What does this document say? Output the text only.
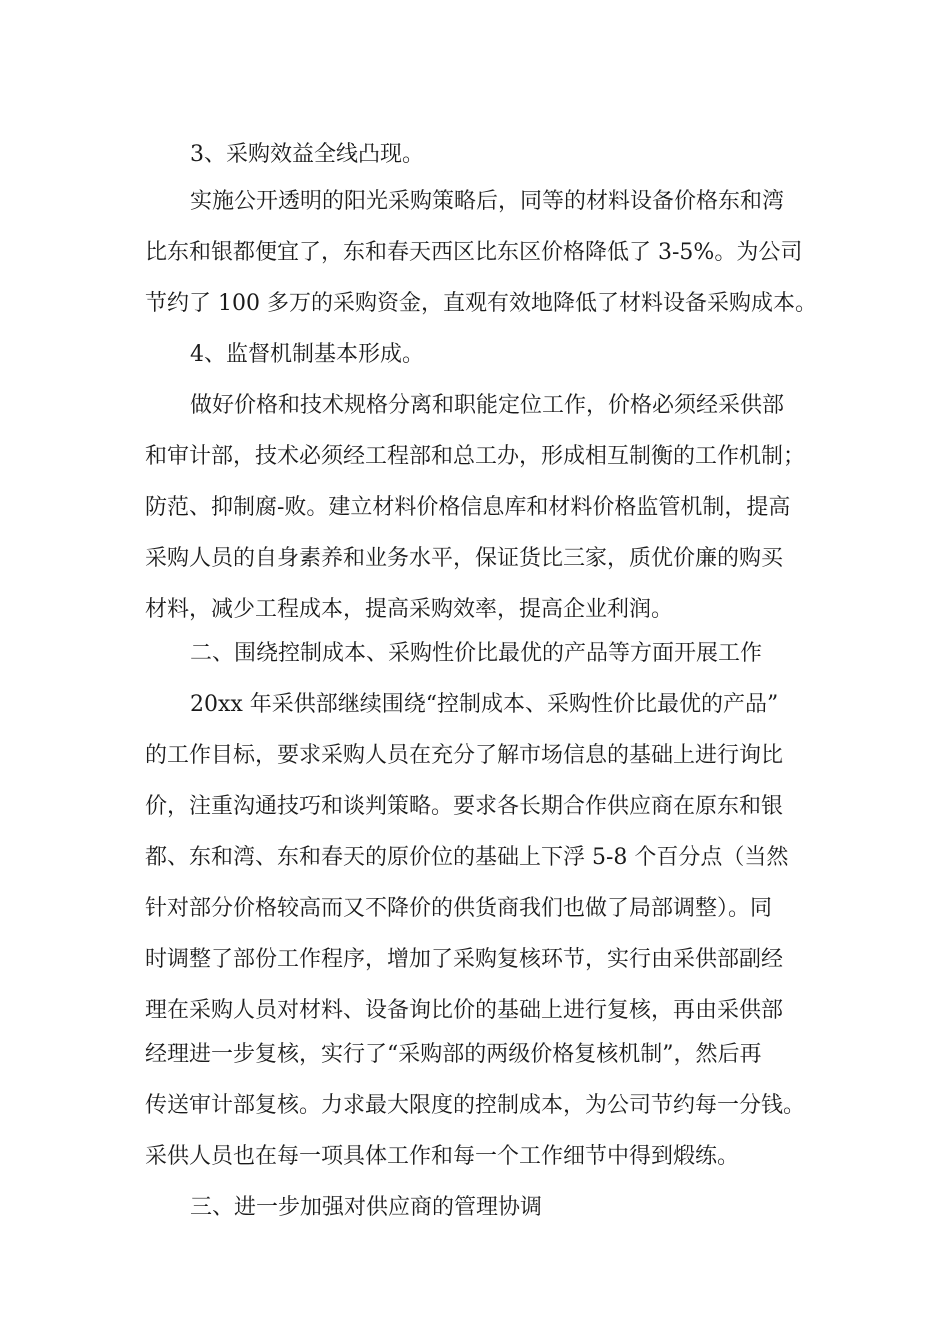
3、采购效益全线凸现。
实施公开透明的阳光采购策略后，同等的材料设备价格东和湾
比东和银都便宜了，东和春天西区比东区价格降低了 3-5%。为公司
节约了 100 多万的采购资金，直观有效地降低了材料设备采购成本。
4、监督机制基本形成。
做好价格和技术规格分离和职能定位工作，价格必须经采供部
和审计部，技术必须经工程部和总工办，形成相互制衡的工作机制；
防范、抑制腐-败。建立材料价格信息库和材料价格监管机制，提高
采购人员的自身素养和业务水平，保证货比三家，质优价廉的购买
材料，减少工程成本，提高采购效率，提高企业利润。
二、围绕控制成本、采购性价比最优的产品等方面开展工作
20xx 年采供部继续围绕“控制成本、采购性价比最优的产品”
的工作目标，要求采购人员在充分了解市场信息的基础上进行询比
价，注重沟通技巧和谈判策略。要求各长期合作供应商在原东和银
都、东和湾、东和春天的原价位的基础上下浮 5-8 个百分点（当然
针对部分价格较高而又不降价的供货商我们也做了局部调整）。同
时调整了部份工作程序，增加了采购复核环节，实行由采供部副经
理在采购人员对材料、设备询比价的基础上进行复核，再由采供部
经理进一步复核，实行了“采购部的两级价格复核机制”，然后再
传送审计部复核。力求最大限度的控制成本，为公司节约每一分钱。
采供人员也在每一项具体工作和每一个工作细节中得到煅练。
三、进一步加强对供应商的管理协调
